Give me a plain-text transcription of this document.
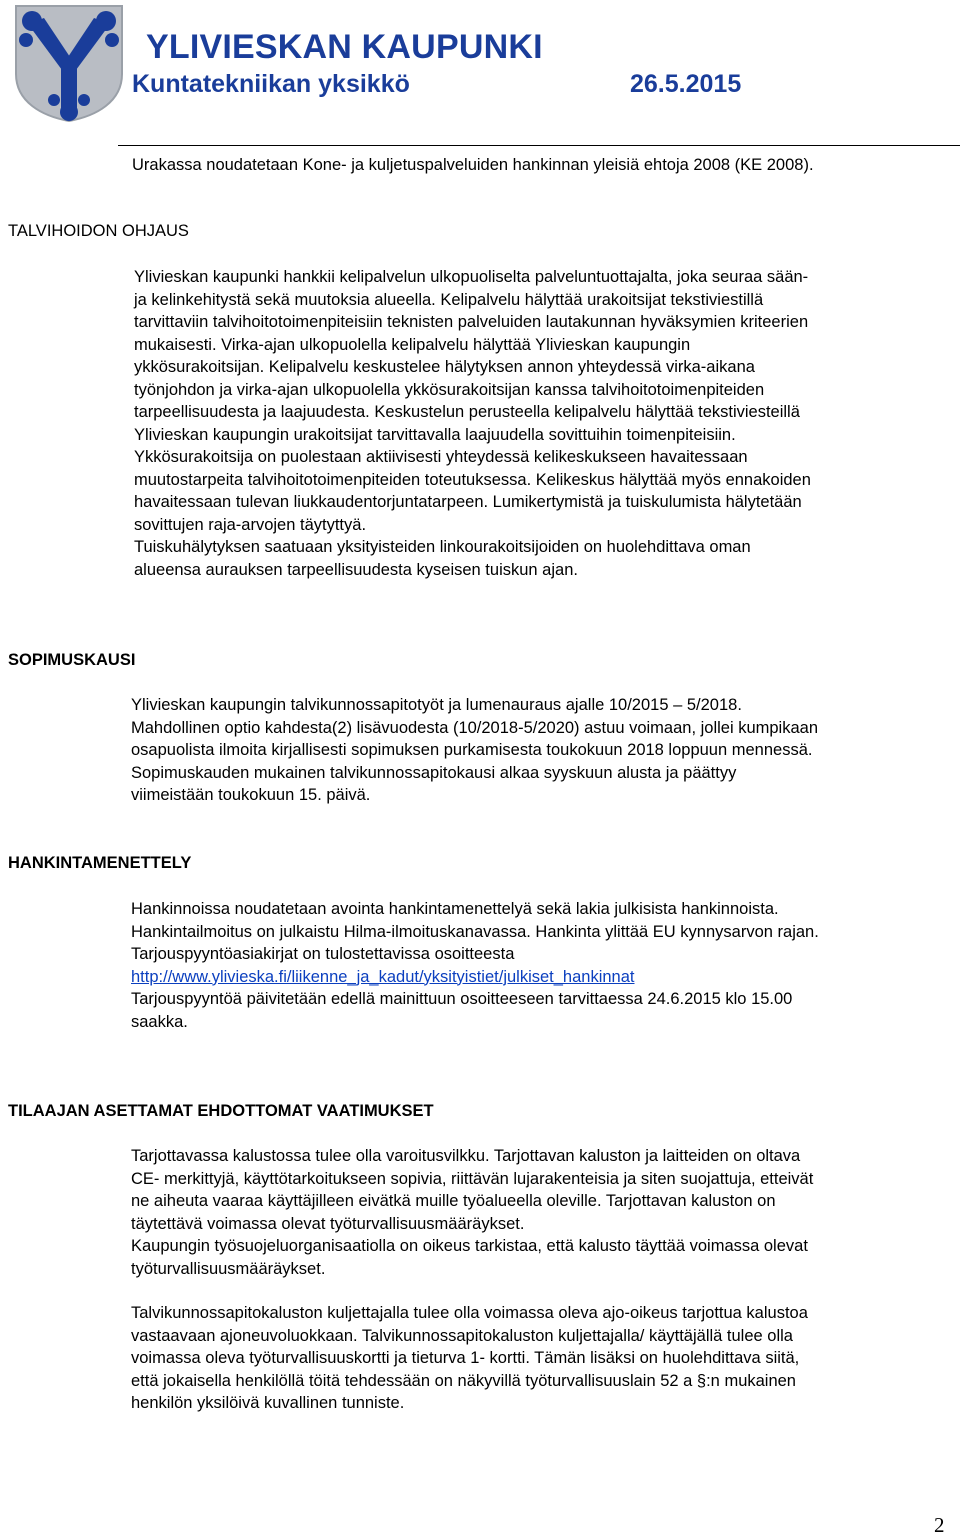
YLIVIESKAN KAUPUNKI
Kuntatekniikan yksikkö	26.5.2015
Urakassa noudatetaan Kone- ja kuljetuspalveluiden hankinnan yleisiä ehtoja 2008 (KE 2008).
TALVIHOIDON OHJAUS
Ylivieskan kaupunki hankkii kelipalvelun ulkopuoliselta palveluntuottajalta, joka seuraa sään-
ja kelinkehitystä sekä muutoksia alueella. Kelipalvelu hälyttää urakoitsijat tekstiviestillä
tarvittaviin talvihoitotoimenpiteisiin teknisten palveluiden lautakunnan hyväksymien kriteerien
mukaisesti. Virka-ajan ulkopuolella kelipalvelu hälyttää Ylivieskan kaupungin
ykkösurakoitsijan. Kelipalvelu keskustelee hälytyksen annon yhteydessä virka-aikana
työnjohdon ja virka-ajan ulkopuolella ykkösurakoitsijan kanssa talvihoitotoimenpiteiden
tarpeellisuudesta ja laajuudesta. Keskustelun perusteella kelipalvelu hälyttää tekstiviesteillä
Ylivieskan kaupungin urakoitsijat tarvittavalla laajuudella sovittuihin toimenpiteisiin.
Ykkösurakoitsija on puolestaan aktiivisesti yhteydessä kelikeskukseen havaitessaan
muutostarpeita talvihoitotoimenpiteiden toteutuksessa. Kelikeskus hälyttää myös ennakoiden
havaitessaan tulevan liukkaudentorjuntatarpeen. Lumikertymistä ja tuiskulumista hälytetään
sovittujen raja-arvojen täytyttyä.
Tuiskuhälytyksen saatuaan yksityisteiden linkourakoitsijoiden on huolehdittava oman
alueensa aurauksen tarpeellisuudesta kyseisen tuiskun ajan.
SOPIMUSKAUSI
Ylivieskan kaupungin talvikunnossapitotyöt ja lumenauraus ajalle 10/2015 – 5/2018.
Mahdollinen optio kahdesta(2) lisävuodesta (10/2018-5/2020) astuu voimaan, jollei kumpikaan
osapuolista ilmoita kirjallisesti sopimuksen purkamisesta toukokuun 2018 loppuun mennessä.
Sopimuskauden mukainen talvikunnossapitokausi alkaa syyskuun alusta ja päättyy
viimeistään toukokuun 15. päivä.
HANKINTAMENETTELY
Hankinnoissa noudatetaan avointa hankintamenettelyä sekä lakia julkisista hankinnoista.
Hankintailmoitus on julkaistu Hilma-ilmoituskanavassa. Hankinta ylittää EU kynnysarvon rajan.
Tarjouspyyntöasiakirjat on tulostettavissa osoitteesta
http://www.ylivieska.fi/liikenne_ja_kadut/yksityistiet/julkiset_hankinnat
Tarjouspyyntöä päivitetään edellä mainittuun osoitteeseen tarvittaessa 24.6.2015 klo 15.00
saakka.
TILAAJAN ASETTAMAT EHDOTTOMAT VAATIMUKSET
Tarjottavassa kalustossa tulee olla varoitusvilkku. Tarjottavan kaluston ja laitteiden on oltava
CE- merkittyjä, käyttötarkoitukseen sopivia, riittävän lujarakenteisia ja siten suojattuja, etteivät
ne aiheuta vaaraa käyttäjilleen eivätkä muille työalueella oleville. Tarjottavan kaluston on
täytettävä voimassa olevat työturvallisuusmääräykset.
Kaupungin työsuojeluorganisaatiolla on oikeus tarkistaa, että kalusto täyttää voimassa olevat
työturvallisuusmääräykset.
Talvikunnossapitokaluston kuljettajalla tulee olla voimassa oleva ajo-oikeus tarjottua kalustoa
vastaavaan ajoneuvoluokkaan. Talvikunnossapitokaluston kuljettajalla/ käyttäjällä tulee olla
voimassa oleva työturvallisuuskortti ja tieturva 1- kortti. Tämän lisäksi on huolehdittava siitä,
että jokaisella henkilöllä töitä tehdessään on näkyvillä työturvallisuuslain 52 a §:n mukainen
henkilön yksilöivä kuvallinen tunniste.
2
